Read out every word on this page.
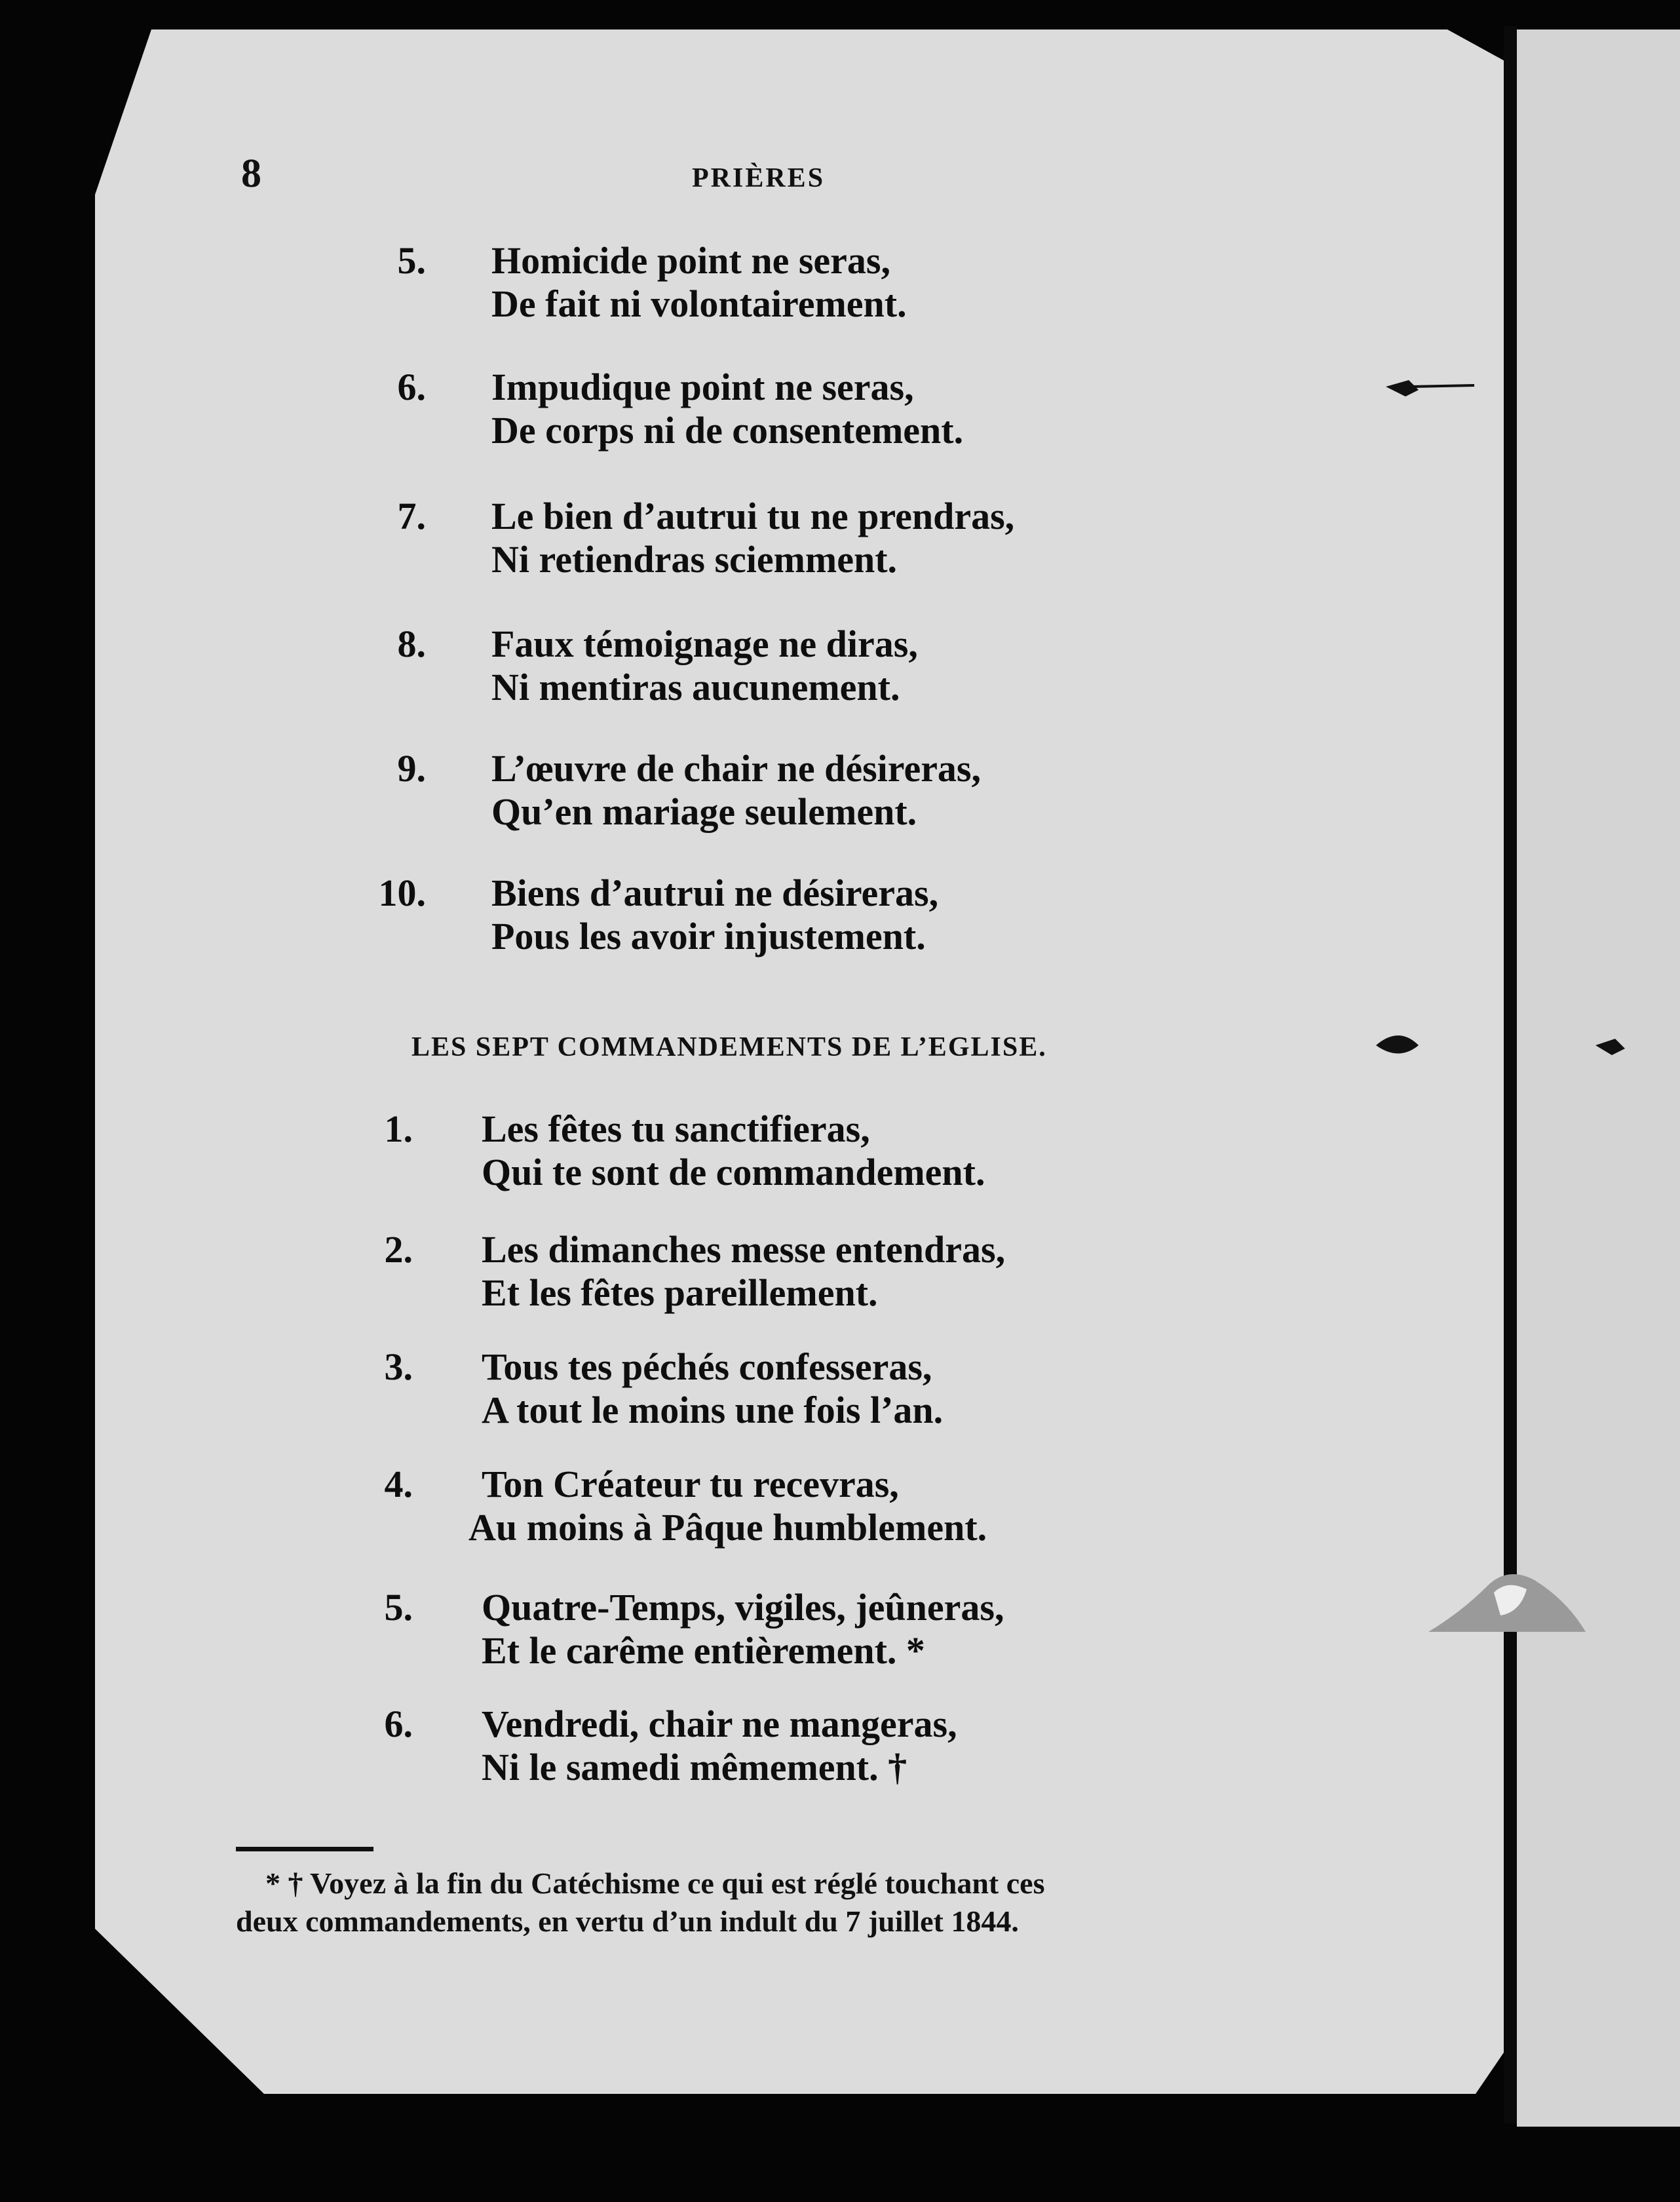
8	PRIÈRES
5. Homicide point ne seras,
De fait ni volontairement.
6. Impudique point ne seras,
De corps ni de consentement.
7. Le bien d’autrui tu ne prendras,
Ni retiendras sciemment.
8. Faux témoignage ne diras,
Ni mentiras aucunement.
9. L’œuvre de chair ne désireras,
Qu’en mariage seulement.
10. Biens d’autrui ne désireras,
Pous les avoir injustement.
LES SEPT COMMANDEMENTS DE L’EGLISE.
1. Les fêtes tu sanctifieras,
Qui te sont de commandement.
2. Les dimanches messe entendras,
Et les fêtes pareillement.
3. Tous tes péchés confesseras,
A tout le moins une fois l’an.
4. Ton Créateur tu recevras,
Au moins à Pâque humblement.
5. Quatre-Temps, vigiles, jeûneras,
Et le carême entièrement. *
6. Vendredi, chair ne mangeras,
Ni le samedi mêmement. †
* † Voyez à la fin du Catéchisme ce qui est réglé touchant ces
deux commandements, en vertu d’un indult du 7 juillet 1844.
